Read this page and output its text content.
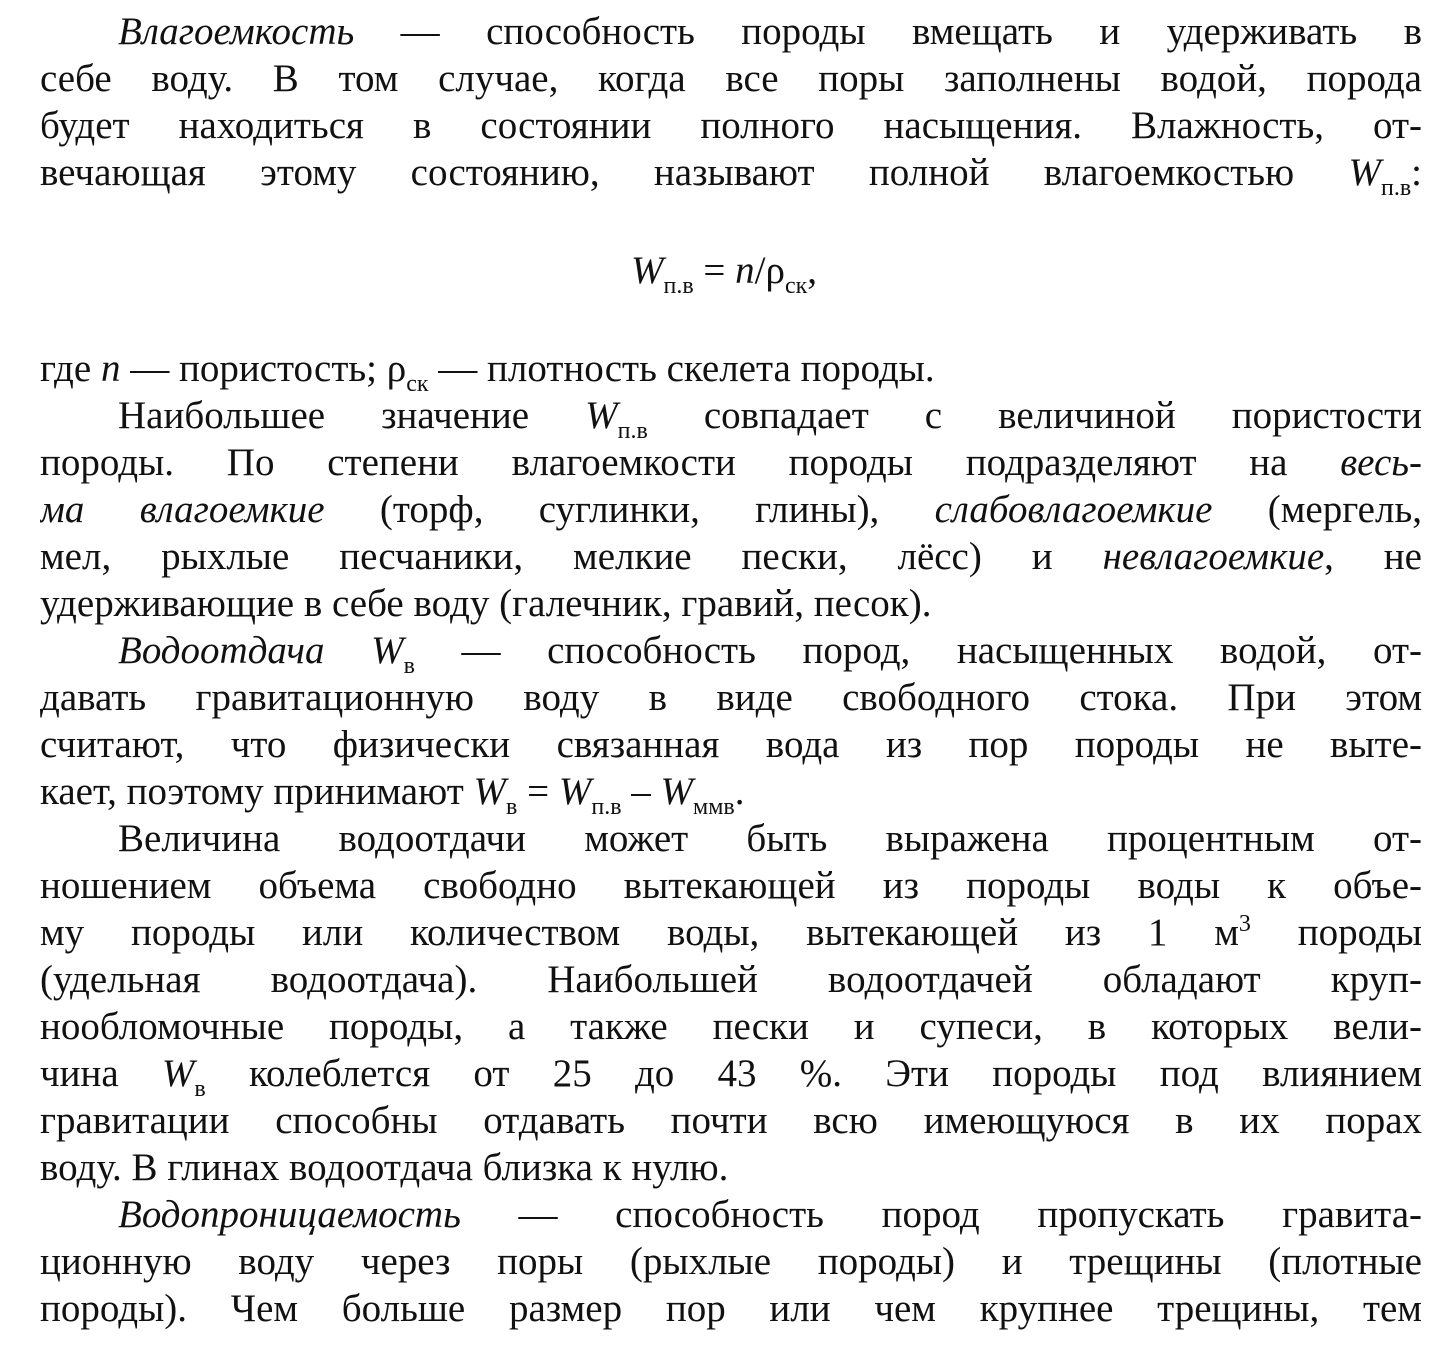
Влагоемкость — способность породы вмещать и удерживать в
себе воду. В том случае, когда все поры заполнены водой, порода
будет находиться в состоянии полного насыщения. Влажность, от-
вечающая этому состоянию, называют полной влагоемкостью $W_{п.в}$:
$W_{п.в} = n/\rho_{ск}$,
где n — пористость; $\rho_{ск}$ — плотность скелета породы.
Наибольшее значение $W_{п.в}$ совпадает с величиной пористости
породы. По степени влагоемкости породы подразделяют на весь-
ма влагоемкие (торф, суглинки, глины), слабовлагоемкие (мергель,
мел, рыхлые песчаники, мелкие пески, лёсс) и невлагоемкие, не
удерживающие в себе воду (галечник, гравий, песок).
Водоотдача $W_в$ — способность пород, насыщенных водой, от-
давать гравитационную воду в виде свободного стока. При этом
считают, что физически связанная вода из пор породы не выте-
кает, поэтому принимают $W_в = W_{п.в} - W_{ммв}$.
Величина водоотдачи может быть выражена процентным от-
ношением объема свободно вытекающей из породы воды к объе-
му породы или количеством воды, вытекающей из 1 $м^3$ породы
(удельная водоотдача). Наибольшей водоотдачей обладают круп-
нообломочные породы, а также пески и супеси, в которых вели-
чина $W_в$ колеблется от 25 до 43 %. Эти породы под влиянием
гравитации способны отдавать почти всю имеющуюся в их порах
воду. В глинах водоотдача близка к нулю.
Водопроницаемость — способность пород пропускать гравита-
ционную воду через поры (рыхлые породы) и трещины (плотные
породы). Чем больше размер пор или чем крупнее трещины, тем
